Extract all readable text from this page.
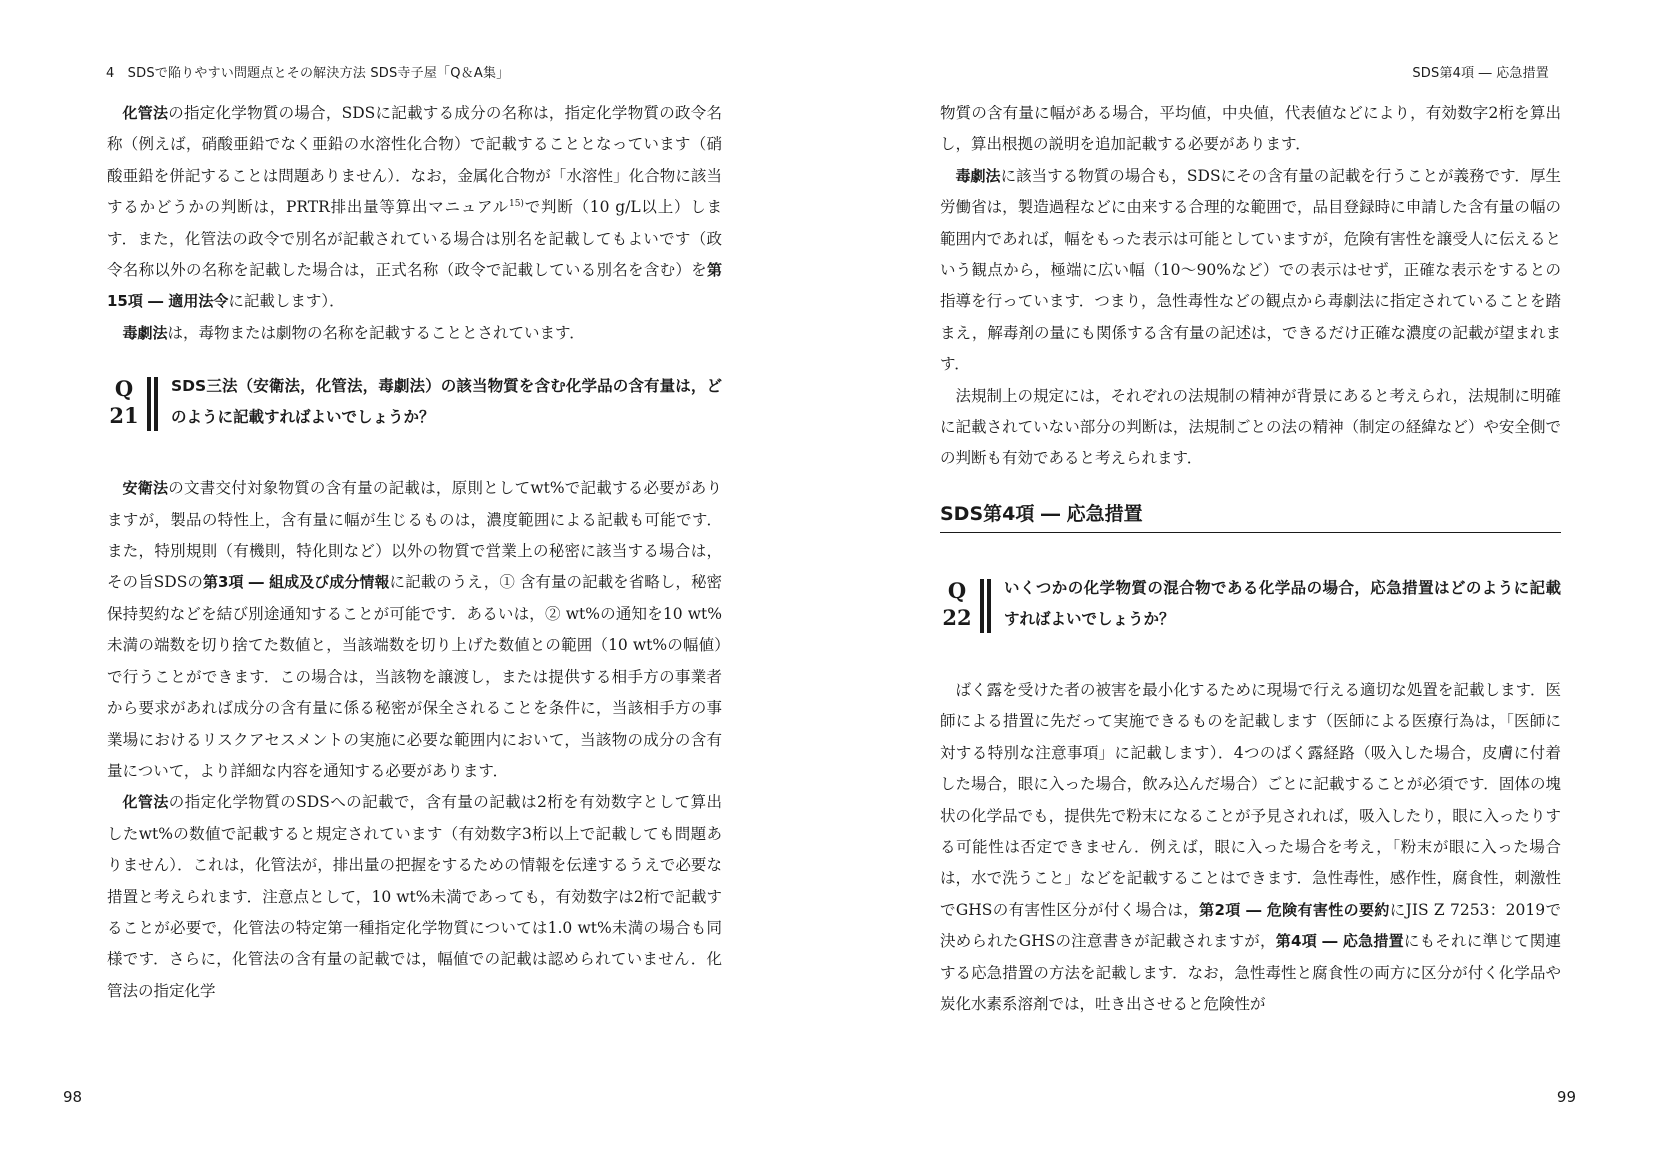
4　SDSで陥りやすい問題点とその解決方法 SDS寺子屋「Q＆A集」

化管法の指定化学物質の場合，SDSに記載する成分の名称は，指定化学物質の政令名称（例えば，硝酸亜鉛でなく亜鉛の水溶性化合物）で記載することとなっています（硝酸亜鉛を併記することは問題ありません）．なお，金属化合物が「水溶性」化合物に該当するかどうかの判断は，PRTR排出量等算出マニュアル$^{15)}$で判断（10 g/L以上）します．また，化管法の政令で別名が記載されている場合は別名を記載してもよいです（政令名称以外の名称を記載した場合は，正式名称（政令で記載している別名を含む）を第15項 ― 適用法令に記載します）．

毒劇法は，毒物または劇物の名称を記載することとされています．

Q
21
SDS三法（安衛法，化管法，毒劇法）の該当物質を含む化学品の含有量は，どのように記載すればよいでしょうか？

安衛法の文書交付対象物質の含有量の記載は，原則としてwt%で記載する必要がありますが，製品の特性上，含有量に幅が生じるものは，濃度範囲による記載も可能です．また，特別規則（有機則，特化則など）以外の物質で営業上の秘密に該当する場合は，その旨SDSの第3項 ― 組成及び成分情報に記載のうえ，① 含有量の記載を省略し，秘密保持契約などを結び別途通知することが可能です．あるいは，② wt%の通知を10 wt%未満の端数を切り捨てた数値と，当該端数を切り上げた数値との範囲（10 wt%の幅値）で行うことができます．この場合は，当該物を譲渡し，または提供する相手方の事業者から要求があれば成分の含有量に係る秘密が保全されることを条件に，当該相手方の事業場におけるリスクアセスメントの実施に必要な範囲内において，当該物の成分の含有量について，より詳細な内容を通知する必要があります．

化管法の指定化学物質のSDSへの記載で，含有量の記載は2桁を有効数字として算出したwt%の数値で記載すると規定されています（有効数字3桁以上で記載しても問題ありません）．これは，化管法が，排出量の把握をするための情報を伝達するうえで必要な措置と考えられます．注意点として，10 wt%未満であっても，有効数字は2桁で記載することが必要で，化管法の特定第一種指定化学物質については1.0 wt%未満の場合も同様です．さらに，化管法の含有量の記載では，幅値での記載は認められていません．化管法の指定化学

98
SDS第4項 ― 応急措置

物質の含有量に幅がある場合，平均値，中央値，代表値などにより，有効数字2桁を算出し，算出根拠の説明を追加記載する必要があります．

毒劇法に該当する物質の場合も，SDSにその含有量の記載を行うことが義務です．厚生労働省は，製造過程などに由来する合理的な範囲で，品目登録時に申請した含有量の幅の範囲内であれば，幅をもった表示は可能としていますが，危険有害性を譲受人に伝えるという観点から，極端に広い幅（10～90%など）での表示はせず，正確な表示をするとの指導を行っています．つまり，急性毒性などの観点から毒劇法に指定されていることを踏まえ，解毒剤の量にも関係する含有量の記述は，できるだけ正確な濃度の記載が望まれます．

法規制上の規定には，それぞれの法規制の精神が背景にあると考えられ，法規制に明確に記載されていない部分の判断は，法規制ごとの法の精神（制定の経緯など）や安全側での判断も有効であると考えられます．

SDS第4項 ― 応急措置
Q
22
いくつかの化学物質の混合物である化学品の場合，応急措置はどのように記載すればよいでしょうか？

ばく露を受けた者の被害を最小化するために現場で行える適切な処置を記載します．医師による措置に先だって実施できるものを記載します（医師による医療行為は，「医師に対する特別な注意事項」に記載します）．4つのばく露経路（吸入した場合，皮膚に付着した場合，眼に入った場合，飲み込んだ場合）ごとに記載することが必須です．固体の塊状の化学品でも，提供先で粉末になることが予見されれば，吸入したり，眼に入ったりする可能性は否定できません．例えば，眼に入った場合を考え，「粉末が眼に入った場合は，水で洗うこと」などを記載することはできます．急性毒性，感作性，腐食性，刺激性でGHSの有害性区分が付く場合は，第2項 ― 危険有害性の要約にJIS Z 7253：2019で決められたGHSの注意書きが記載されますが，第4項 ― 応急措置にもそれに準じて関連する応急措置の方法を記載します．なお，急性毒性と腐食性の両方に区分が付く化学品や炭化水素系溶剤では，吐き出させると危険性が

99
